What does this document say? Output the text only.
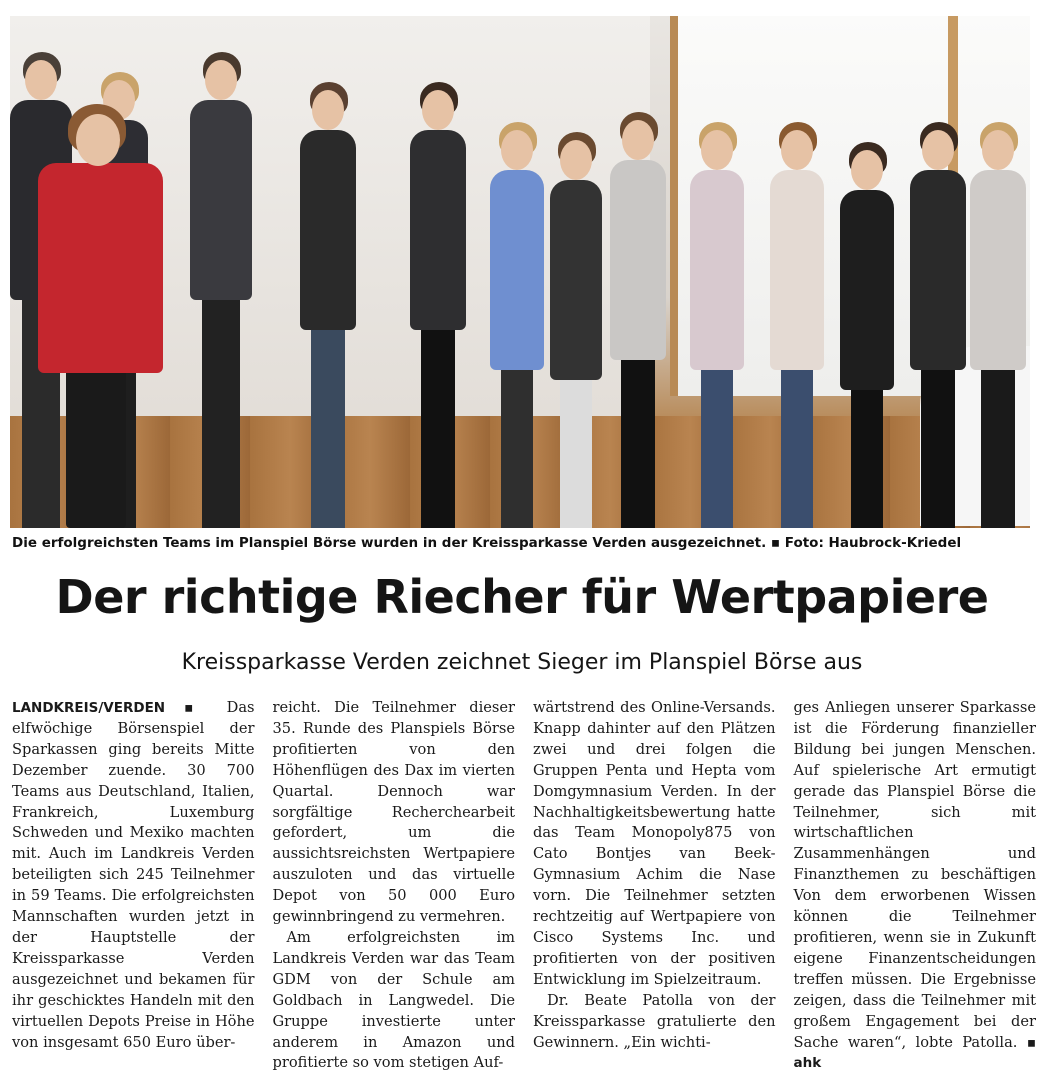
Die erfolgreichsten Teams im Planspiel Börse wurden in der Kreissparkasse Verden ausgezeichnet. ▪ Foto: Haubrock-Kriedel
Der richtige Riecher für Wertpapiere
Kreissparkasse Verden zeichnet Sieger im Planspiel Börse aus

LANDKREIS/VERDEN ▪ Das elfwöchige Börsenspiel der Sparkassen ging bereits Mitte Dezember zuende. 30 700 Teams aus Deutschland, Italien, Frankreich, Luxemburg Schweden und Mexiko machten mit. Auch im Landkreis Verden beteiligten sich 245 Teilnehmer in 59 Teams. Die erfolgreichsten Mannschaften wurden jetzt in der Hauptstelle der Kreissparkasse Verden ausgezeichnet und bekamen für ihr geschicktes Handeln mit den virtuellen Depots Preise in Höhe von insgesamt 650 Euro über-

reicht. Die Teilnehmer dieser 35. Runde des Planspiels Börse profitierten von den Höhenflügen des Dax im vierten Quartal. Dennoch war sorgfältige Recherchearbeit gefordert, um die aussichtsreichsten Wertpapiere auszuloten und das virtuelle Depot von 50 000 Euro gewinnbringend zu vermehren.

Am erfolgreichsten im Landkreis Verden war das Team GDM von der Schule am Goldbach in Langwedel. Die Gruppe investierte unter anderem in Amazon und profitierte so vom stetigen Auf-

wärtstrend des Online-Versands. Knapp dahinter auf den Plätzen zwei und drei folgen die Gruppen Penta und Hepta vom Domgymnasium Verden. In der Nachhaltigkeitsbewertung hatte das Team Monopoly875 von Cato Bontjes van Beek-Gymnasium Achim die Nase vorn. Die Teilnehmer setzten rechtzeitig auf Wertpapiere von Cisco Systems Inc. und profitierten von der positiven Entwicklung im Spielzeitraum.

Dr. Beate Patolla von der Kreissparkasse gratulierte den Gewinnern. „Ein wichti-

ges Anliegen unserer Sparkasse ist die Förderung finanzieller Bildung bei jungen Menschen. Auf spielerische Art ermutigt gerade das Planspiel Börse die Teilnehmer, sich mit wirtschaftlichen Zusammenhängen und Finanzthemen zu beschäftigen Von dem erworbenen Wissen können die Teilnehmer profitieren, wenn sie in Zukunft eigene Finanzentscheidungen treffen müssen. Die Ergebnisse zeigen, dass die Teilnehmer mit großem Engagement bei der Sache waren“, lobte Patolla. ▪ ahk
